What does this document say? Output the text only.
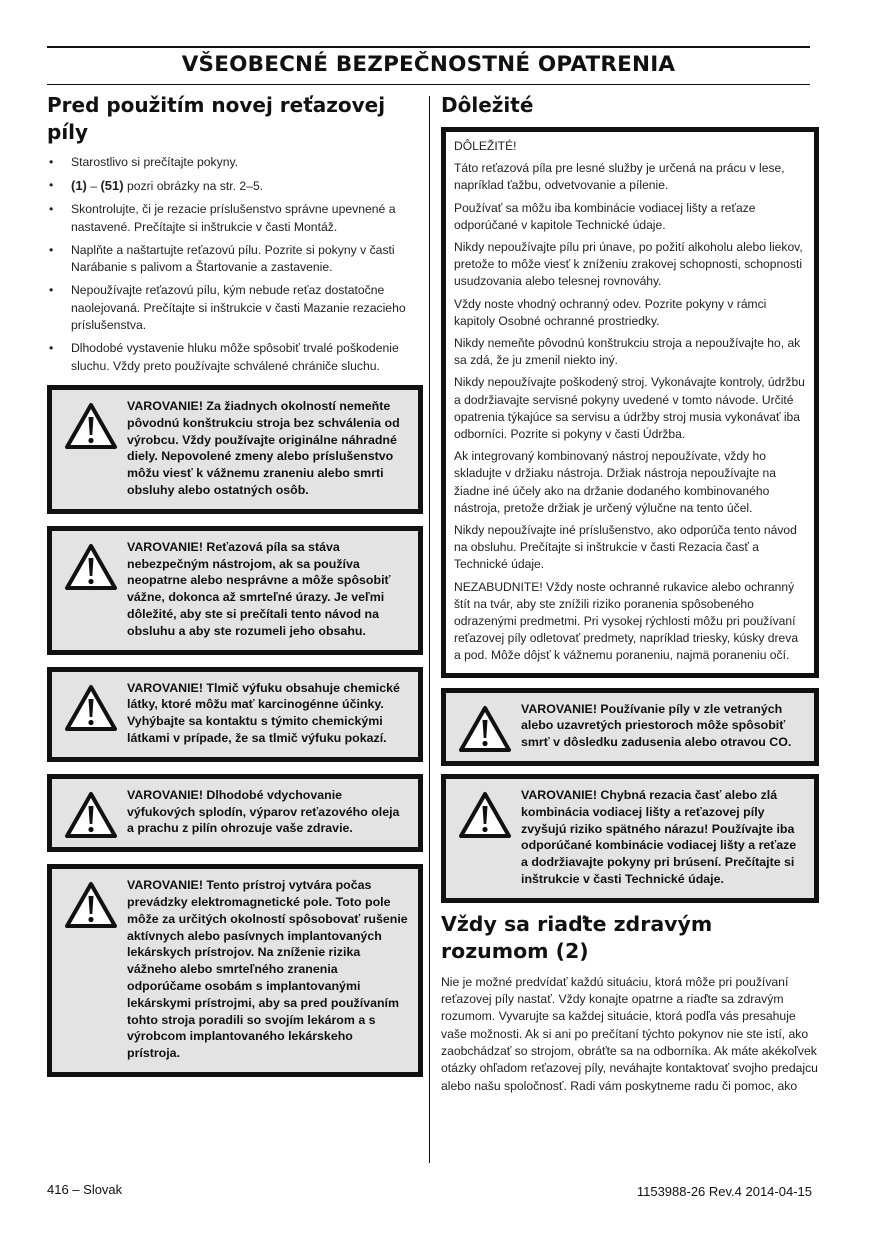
VŠEOBECNÉ BEZPEČNOSTNÉ OPATRENIA
Pred použitím novej reťazovej píly
• Starostlivo si prečítajte pokyny.
• (1) – (51) pozri obrázky na str. 2–5.
• Skontrolujte, či je rezacie príslušenstvo správne upevnené a nastavené. Prečítajte si inštrukcie v časti Montáž.
• Naplňte a naštartujte reťazovú pílu. Pozrite si pokyny v časti Narábanie s palivom a Štartovanie a zastavenie.
• Nepoužívajte reťazovú pílu, kým nebude reťaz dostatočne naolejovaná. Prečítajte si inštrukcie v časti Mazanie rezacieho príslušenstva.
• Dlhodobé vystavenie hluku môže spôsobiť trvalé poškodenie sluchu. Vždy preto používajte schválené chrániče sluchu.

VAROVANIE! Za žiadnych okolností nemeňte pôvodnú konštrukciu stroja bez schválenia od výrobcu. Vždy používajte originálne náhradné diely. Nepovolené zmeny alebo príslušenstvo môžu viesť k vážnemu zraneniu alebo smrti obsluhy alebo ostatných osôb.

VAROVANIE! Reťazová píla sa stáva nebezpečným nástrojom, ak sa používa neopatrne alebo nesprávne a môže spôsobiť vážne, dokonca až smrteľné úrazy. Je veľmi dôležité, aby ste si prečítali tento návod na obsluhu a aby ste rozumeli jeho obsahu.

VAROVANIE! Tlmič výfuku obsahuje chemické látky, ktoré môžu mať karcinogénne účinky. Vyhýbajte sa kontaktu s týmito chemickými látkami v prípade, že sa tlmič výfuku pokazí.

VAROVANIE! Dlhodobé vdychovanie výfukových splodín, výparov reťazového oleja a prachu z pilín ohrozuje vaše zdravie.

VAROVANIE! Tento prístroj vytvára počas prevádzky elektromagnetické pole. Toto pole môže za určitých okolností spôsobovať rušenie aktívnych alebo pasívnych implantovaných lekárskych prístrojov. Na zníženie rizika vážneho alebo smrteľného zranenia odporúčame osobám s implantovanými lekárskymi prístrojmi, aby sa pred používaním tohto stroja poradili so svojím lekárom a s výrobcom implantovaného lekárskeho prístroja.

Dôležité

DÔLEŽITÉ!

Táto reťazová píla pre lesné služby je určená na prácu v lese, napríklad ťažbu, odvetvovanie a pílenie.

Používať sa môžu iba kombinácie vodiacej lišty a reťaze odporúčané v kapitole Technické údaje.

Nikdy nepoužívajte pílu pri únave, po požití alkoholu alebo liekov, pretože to môže viesť k zníženiu zrakovej schopnosti, schopnosti usudzovania alebo telesnej rovnováhy.

Vždy noste vhodný ochranný odev. Pozrite pokyny v rámci kapitoly Osobné ochranné prostriedky.

Nikdy nemeňte pôvodnú konštrukciu stroja a nepoužívajte ho, ak sa zdá, že ju zmenil niekto iný.

Nikdy nepoužívajte poškodený stroj. Vykonávajte kontroly, údržbu a dodržiavajte servisné pokyny uvedené v tomto návode. Určité opatrenia týkajúce sa servisu a údržby stroj musia vykonávať iba odborníci. Pozrite si pokyny v časti Údržba.

Ak integrovaný kombinovaný nástroj nepoužívate, vždy ho skladujte v držiaku nástroja. Držiak nástroja nepoužívajte na žiadne iné účely ako na držanie dodaného kombinovaného nástroja, pretože držiak je určený výlučne na tento účel.

Nikdy nepoužívajte iné príslušenstvo, ako odporúča tento návod na obsluhu. Prečítajte si inštrukcie v časti Rezacia časť a Technické údaje.

NEZABUDNITE! Vždy noste ochranné rukavice alebo ochranný štít na tvár, aby ste znížili riziko poranenia spôsobeného odrazenými predmetmi. Pri vysokej rýchlosti môžu pri používaní reťazovej píly odletovať predmety, napríklad triesky, kúsky dreva a pod. Môže dôjsť k vážnemu poraneniu, najmä poraneniu očí.

VAROVANIE! Používanie píly v zle vetraných alebo uzavretých priestoroch môže spôsobiť smrť v dôsledku zadusenia alebo otravou CO.

VAROVANIE! Chybná rezacia časť alebo zlá kombinácia vodiacej lišty a reťazovej píly zvyšujú riziko spätného nárazu! Používajte iba odporúčané kombinácie vodiacej lišty a reťaze a dodržiavajte pokyny pri brúsení. Prečítajte si inštrukcie v časti Technické údaje.

Vždy sa riaďte zdravým rozumom (2)

Nie je možné predvídať každú situáciu, ktorá môže pri používaní reťazovej píly nastať. Vždy konajte opatrne a riaďte sa zdravým rozumom. Vyvarujte sa každej situácie, ktorá podľa vás presahuje vaše možnosti. Ak si ani po prečítaní týchto pokynov nie ste istí, ako zaobchádzať so strojom, obráťte sa na odborníka. Ak máte akékoľvek otázky ohľadom reťazovej píly, neváhajte kontaktovať svojho predajcu alebo našu spoločnosť. Radi vám poskytneme radu či pomoc, ako

416 – Slovak	1153988-26 Rev.4 2014-04-15
